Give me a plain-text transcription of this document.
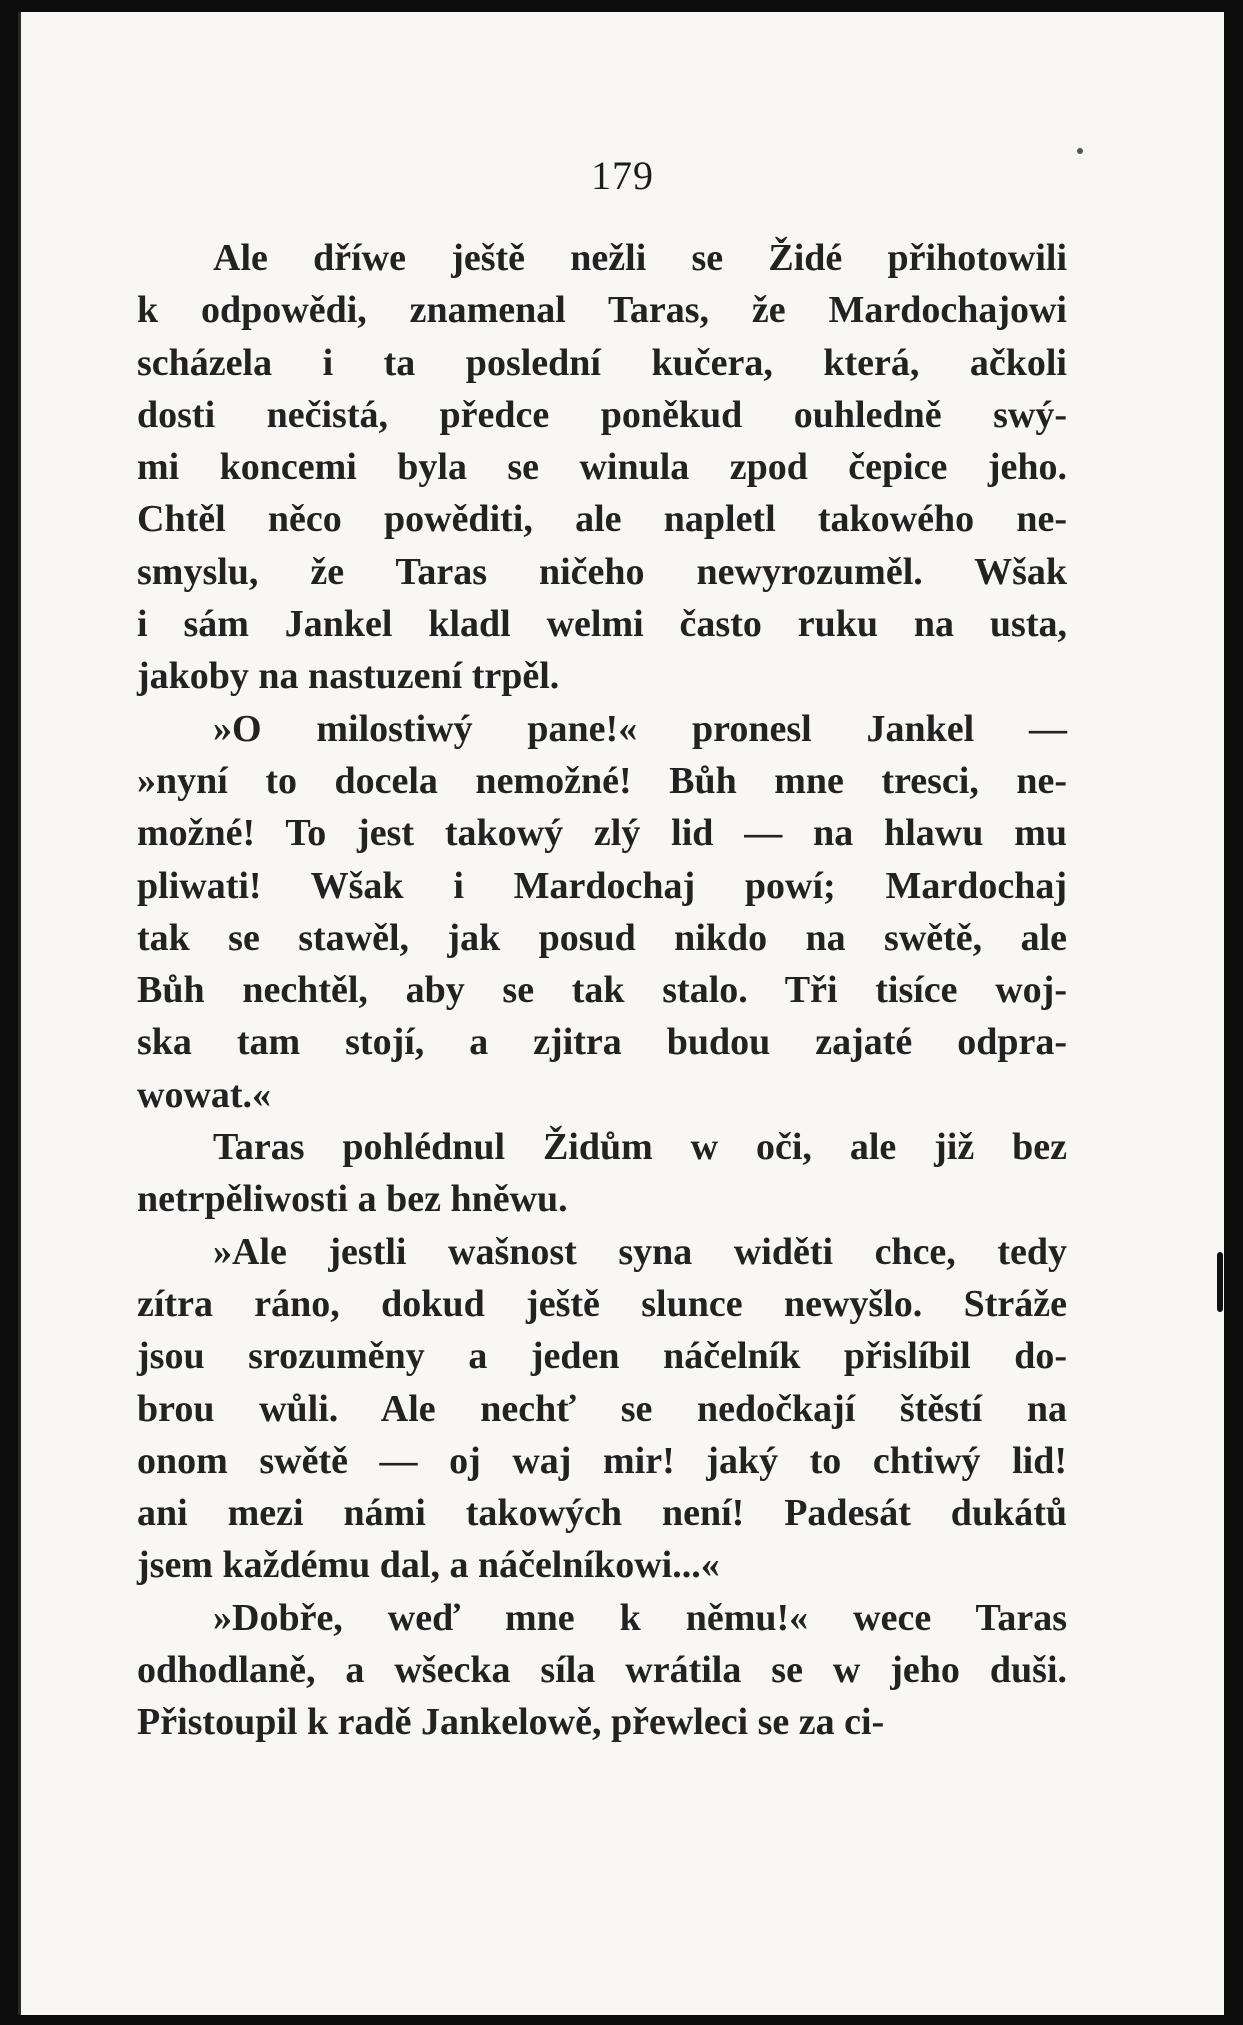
179
Ale dříwe ještě nežli se Židé přihotowili
k odpowědi, znamenal Taras, že Mardochajowi
scházela i ta poslední kučera, která, ačkoli
dosti nečistá, předce poněkud ouhledně swý-
mi koncemi byla se winula zpod čepice jeho.
Chtěl něco powěditi, ale napletl takowého ne-
smyslu, že Taras ničeho newyrozuměl. Wšak
i sám Jankel kladl welmi často ruku na usta,
jakoby na nastuzení trpěl.
»O milostiwý pane!« pronesl Jankel —
»nyní to docela nemožné! Bůh mne tresci, ne-
možné! To jest takowý zlý lid — na hlawu mu
pliwati! Wšak i Mardochaj powí; Mardochaj
tak se stawěl, jak posud nikdo na swětě, ale
Bůh nechtěl, aby se tak stalo. Tři tisíce woj-
ska tam stojí, a zjitra budou zajaté odpra-
wowat.«
Taras pohlédnul Židům w oči, ale již bez
netrpěliwosti a bez hněwu.
»Ale jestli wašnost syna widěti chce, tedy
zítra ráno, dokud ještě slunce newyšlo. Stráže
jsou srozuměny a jeden náčelník přislíbil do-
brou wůli. Ale nechť se nedočkají štěstí na
onom swětě — oj waj mir! jaký to chtiwý lid!
ani mezi námi takowých není! Padesát dukátů
jsem každému dal, a náčelníkowi...«
»Dobře, weď mne k němu!« wece Taras
odhodlaně, a wšecka síla wrátila se w jeho duši.
Přistoupil k radě Jankelowě, přewleci se za ci-
